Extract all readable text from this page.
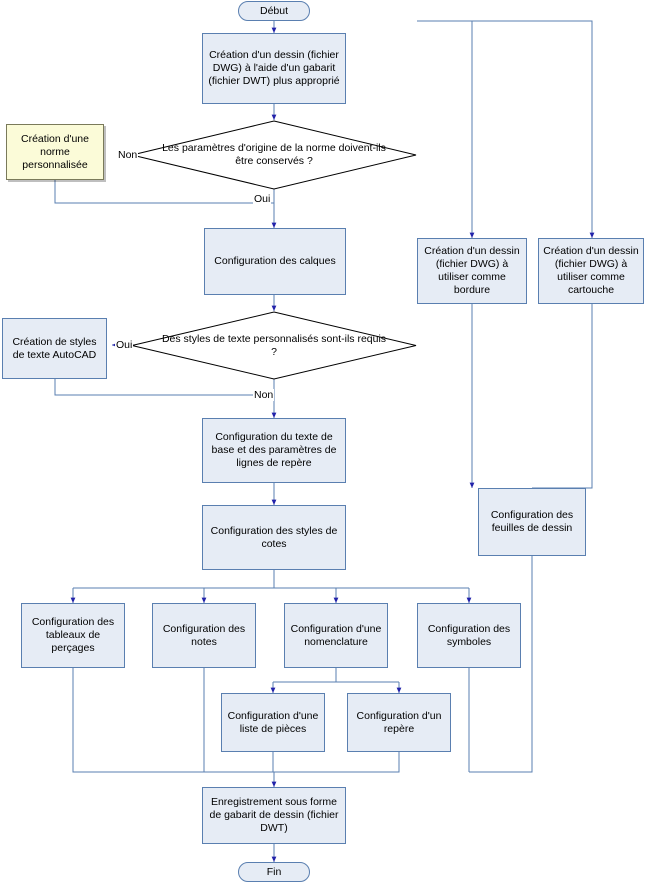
Début
Création d'un dessin (fichier DWG) à l'aide d'un gabarit (fichier DWT) plus approprié
Les paramètres d'origine de la norme doivent-ils être conservés ?
Création d'une norme personnalisée
Configuration des calques
Des styles de texte personnalisés sont-ils requis ?
Création de styles de texte AutoCAD
Configuration du texte de base et des paramètres de lignes de repère
Configuration des styles de cotes
Configuration des tableaux de perçages
Configuration des notes
Configuration d'une nomenclature
Configuration des symboles
Configuration d'une liste de pièces
Configuration d'un repère
Création d'un dessin (fichier DWG) à utiliser comme bordure
Création d'un dessin (fichier DWG) à utiliser comme cartouche
Configuration des feuilles de dessin
Enregistrement sous forme de gabarit de dessin (fichier DWT)
Fin
Non
Oui
Oui
Non
